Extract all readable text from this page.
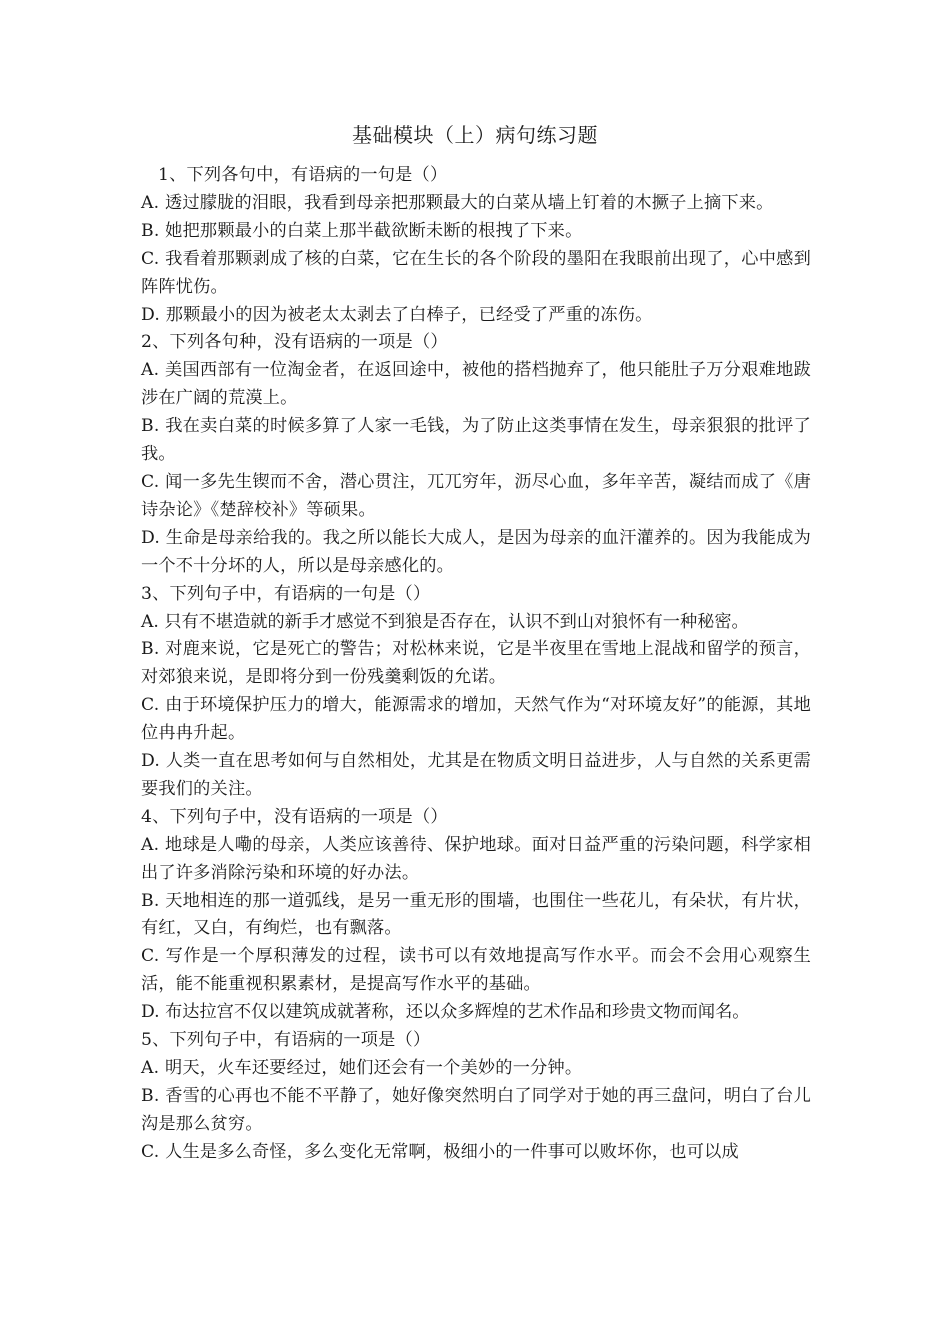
基础模块（上）病句练习题

1、下列各句中，有语病的一句是（）

A. 透过朦胧的泪眼，我看到母亲把那颗最大的白菜从墙上钉着的木撅子上摘下来。

B. 她把那颗最小的白菜上那半截欲断未断的根拽了下来。

C. 我看着那颗剥成了核的白菜，它在生长的各个阶段的墨阳在我眼前出现了，心中感到阵阵忧伤。

D. 那颗最小的因为被老太太剥去了白棒子，已经受了严重的冻伤。

2、下列各句种，没有语病的一项是（）

A. 美国西部有一位淘金者，在返回途中，被他的搭档抛弃了，他只能肚子万分艰难地跋涉在广阔的荒漠上。

B. 我在卖白菜的时候多算了人家一毛钱，为了防止这类事情在发生，母亲狠狠的批评了我。

C. 闻一多先生锲而不舍，潜心贯注，兀兀穷年，沥尽心血，多年辛苦，凝结而成了《唐诗杂论》《楚辞校补》等硕果。

D. 生命是母亲给我的。我之所以能长大成人，是因为母亲的血汗灌养的。因为我能成为一个不十分坏的人，所以是母亲感化的。

3、下列句子中，有语病的一句是（）

A. 只有不堪造就的新手才感觉不到狼是否存在，认识不到山对狼怀有一种秘密。

B. 对鹿来说，它是死亡的警告；对松林来说，它是半夜里在雪地上混战和留学的预言，对郊狼来说，是即将分到一份残羹剩饭的允诺。

C. 由于环境保护压力的增大，能源需求的增加，天然气作为“对环境友好”的能源，其地位冉冉升起。

D. 人类一直在思考如何与自然相处，尤其是在物质文明日益进步，人与自然的关系更需要我们的关注。

4、下列句子中，没有语病的一项是（）

A. 地球是人嘞的母亲，人类应该善待、保护地球。面对日益严重的污染问题，科学家相出了许多消除污染和环境的好办法。

B. 天地相连的那一道弧线，是另一重无形的围墙，也围住一些花儿，有朵状，有片状，有红，又白，有绚烂，也有飘落。

C. 写作是一个厚积薄发的过程，读书可以有效地提高写作水平。而会不会用心观察生活，能不能重视积累素材，是提高写作水平的基础。

D. 布达拉宫不仅以建筑成就著称，还以众多辉煌的艺术作品和珍贵文物而闻名。

5、下列句子中，有语病的一项是（）

A. 明天，火车还要经过，她们还会有一个美妙的一分钟。

B. 香雪的心再也不能不平静了，她好像突然明白了同学对于她的再三盘问，明白了台儿沟是那么贫穷。

C. 人生是多么奇怪，多么变化无常啊，极细小的一件事可以败坏你，也可以成
